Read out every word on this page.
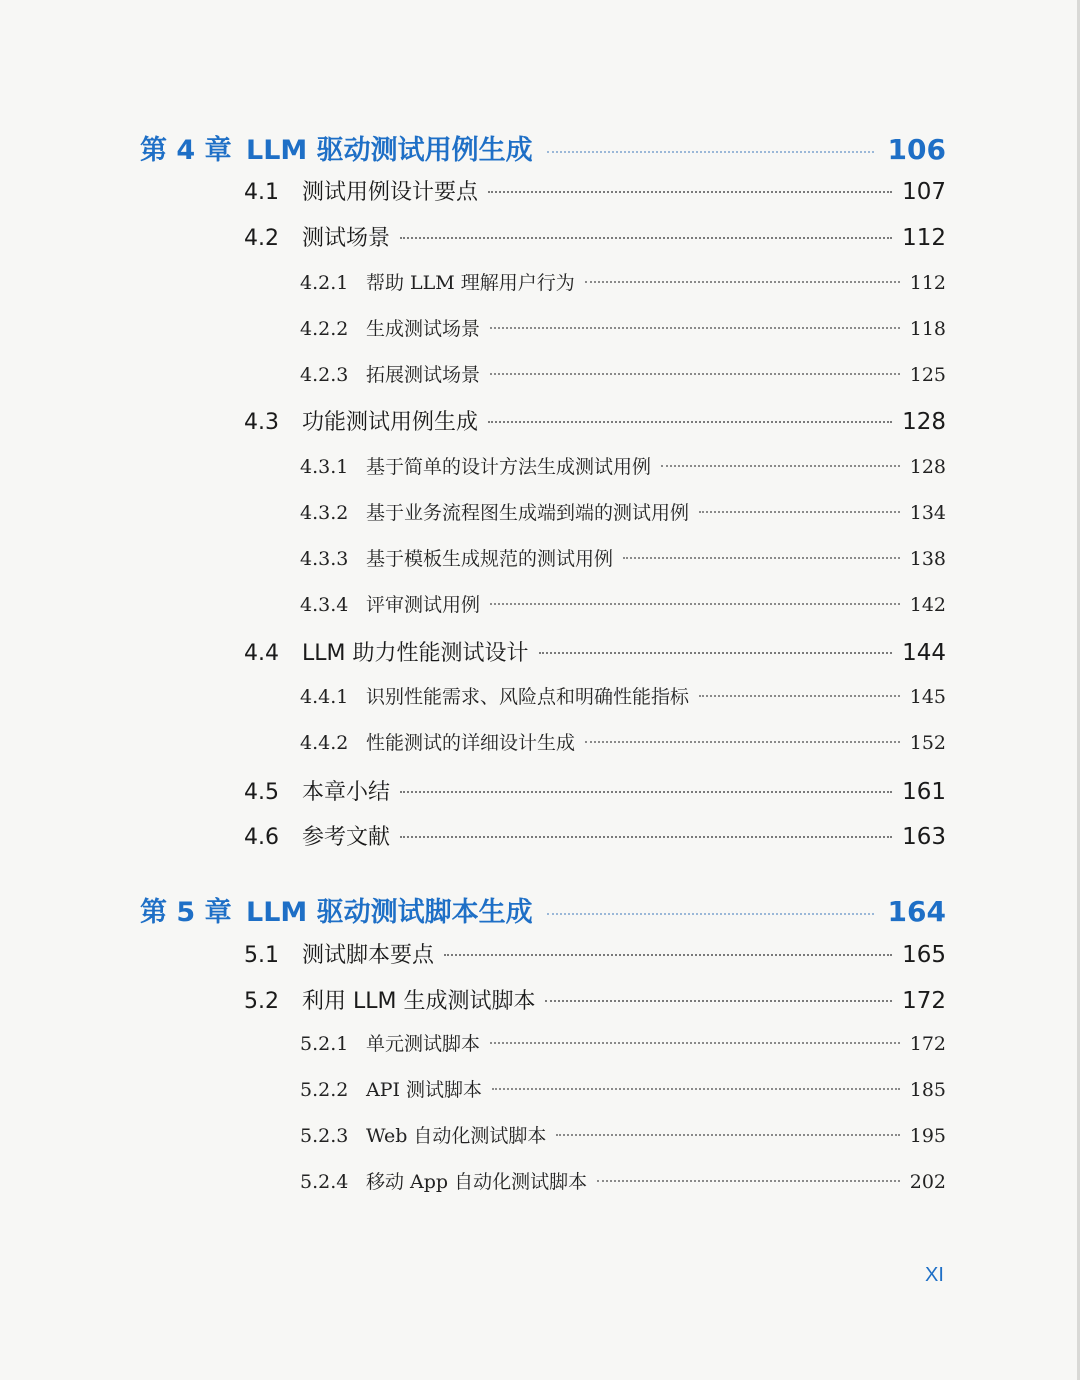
第 4 章 LLM 驱动测试用例生成	106
4.1	测试用例设计要点	107
4.2	测试场景	112
4.2.1 帮助 LLM 理解用户行为	112
4.2.2 生成测试场景	118
4.2.3 拓展测试场景	125
4.3	功能测试用例生成	128
4.3.1 基于简单的设计方法生成测试用例	128
4.3.2 基于业务流程图生成端到端的测试用例	134
4.3.3 基于模板生成规范的测试用例	138
4.3.4 评审测试用例	142
4.4	LLM 助力性能测试设计	144
4.4.1 识别性能需求、风险点和明确性能指标	145
4.4.2 性能测试的详细设计生成	152
4.5	本章小结	161
4.6	参考文献	163
第 5 章 LLM 驱动测试脚本生成	164
5.1	测试脚本要点	165
5.2	利用 LLM 生成测试脚本	172
5.2.1 单元测试脚本	172
5.2.2 API 测试脚本	185
5.2.3 Web 自动化测试脚本	195
5.2.4 移动 App 自动化测试脚本	202
XI
